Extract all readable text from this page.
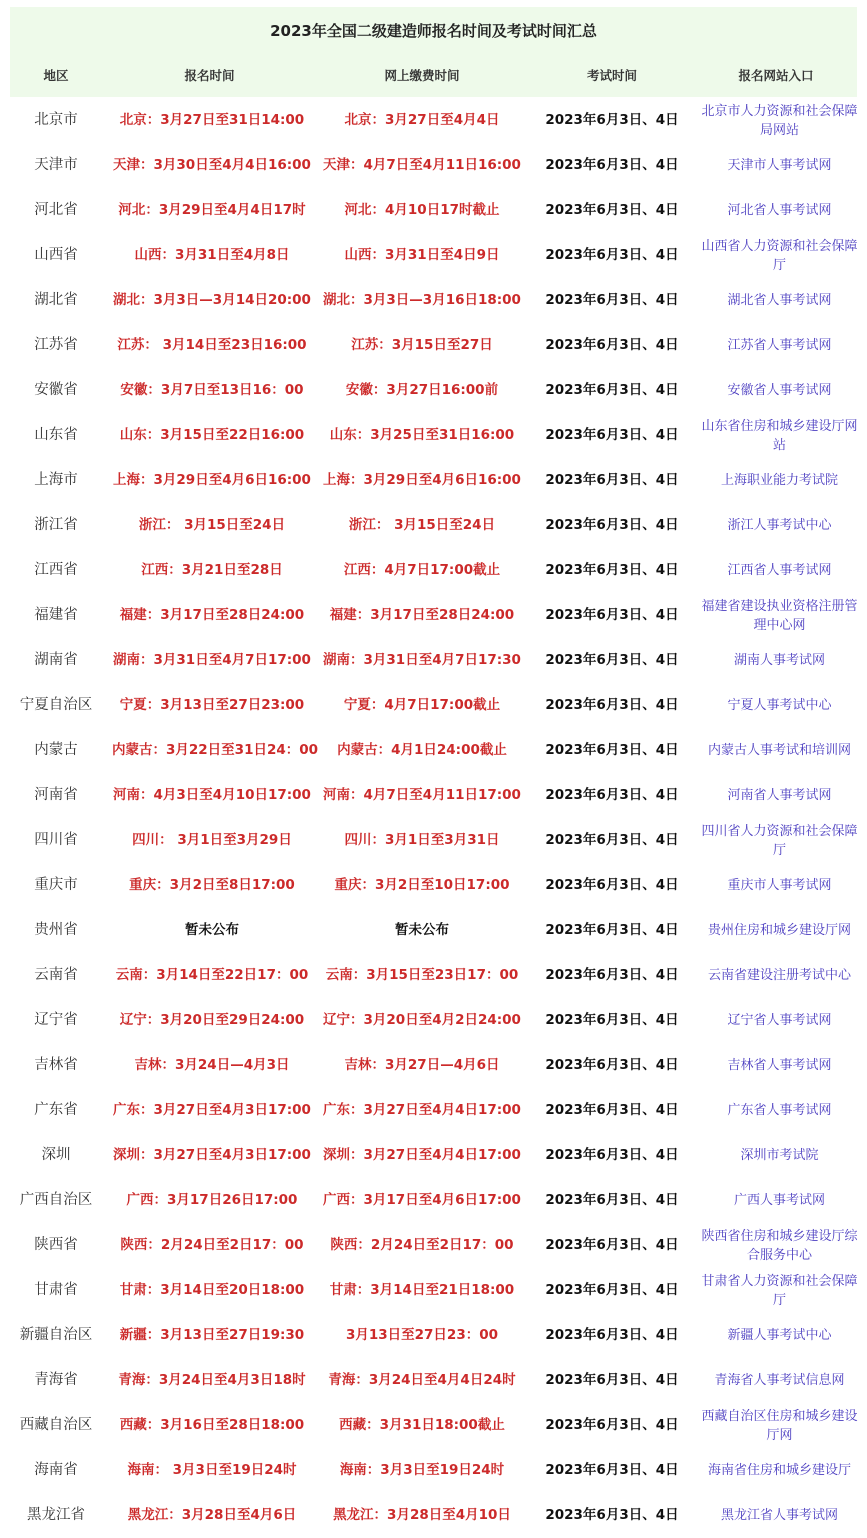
2023年全国二级建造师报名时间及考试时间汇总
地区	报名时间	网上缴费时间	考试时间	报名网站入口
北京市	北京：3月27日至31日14:00	北京：3月27日至4月4日	2023年6月3日、4日	北京市人力资源和社会保障局网站
天津市	天津：3月30日至4月4日16:00	天津：4月7日至4月11日16:00	2023年6月3日、4日	天津市人事考试网
河北省	河北：3月29日至4月4日17时	河北：4月10日17时截止	2023年6月3日、4日	河北省人事考试网
山西省	山西：3月31日至4月8日	山西：3月31日至4日9日	2023年6月3日、4日	山西省人力资源和社会保障厅
湖北省	湖北：3月3日—3月14日20:00	湖北：3月3日—3月16日18:00	2023年6月3日、4日	湖北省人事考试网
江苏省	江苏： 3月14日至23日16:00	江苏：3月15日至27日	2023年6月3日、4日	江苏省人事考试网
安徽省	安徽：3月7日至13日16：00	安徽：3月27日16:00前	2023年6月3日、4日	安徽省人事考试网
山东省	山东：3月15日至22日16:00	山东：3月25日至31日16:00	2023年6月3日、4日	山东省住房和城乡建设厅网站
上海市	上海：3月29日至4月6日16:00	上海：3月29日至4月6日16:00	2023年6月3日、4日	上海职业能力考试院
浙江省	浙江： 3月15日至24日	浙江： 3月15日至24日	2023年6月3日、4日	浙江人事考试中心
江西省	江西：3月21日至28日	江西：4月7日17:00截止	2023年6月3日、4日	江西省人事考试网
福建省	福建：3月17日至28日24:00	福建：3月17日至28日24:00	2023年6月3日、4日	福建省建设执业资格注册管理中心网
湖南省	湖南：3月31日至4月7日17:00	湖南：3月31日至4月7日17:30	2023年6月3日、4日	湖南人事考试网
宁夏自治区	宁夏：3月13日至27日23:00	宁夏：4月7日17:00截止	2023年6月3日、4日	宁夏人事考试中心
内蒙古	内蒙古：3月22日至31日24：00	内蒙古：4月1日24:00截止	2023年6月3日、4日	内蒙古人事考试和培训网
河南省	河南：4月3日至4月10日17:00	河南：4月7日至4月11日17:00	2023年6月3日、4日	河南省人事考试网
四川省	四川： 3月1日至3月29日	四川：3月1日至3月31日	2023年6月3日、4日	四川省人力资源和社会保障厅
重庆市	重庆：3月2日至8日17:00	重庆：3月2日至10日17:00	2023年6月3日、4日	重庆市人事考试网
贵州省	暂未公布	暂未公布	2023年6月3日、4日	贵州住房和城乡建设厅网
云南省	云南：3月14日至22日17：00	云南：3月15日至23日17：00	2023年6月3日、4日	云南省建设注册考试中心
辽宁省	辽宁：3月20日至29日24:00	辽宁：3月20日至4月2日24:00	2023年6月3日、4日	辽宁省人事考试网
吉林省	吉林：3月24日—4月3日	吉林：3月27日—4月6日	2023年6月3日、4日	吉林省人事考试网
广东省	广东：3月27日至4月3日17:00	广东：3月27日至4月4日17:00	2023年6月3日、4日	广东省人事考试网
深圳	深圳：3月27日至4月3日17:00	深圳：3月27日至4月4日17:00	2023年6月3日、4日	深圳市考试院
广西自治区	广西：3月17日26日17:00	广西：3月17日至4月6日17:00	2023年6月3日、4日	广西人事考试网
陕西省	陕西：2月24日至2日17：00	陕西：2月24日至2日17：00	2023年6月3日、4日	陕西省住房和城乡建设厅综合服务中心
甘肃省	甘肃：3月14日至20日18:00	甘肃：3月14日至21日18:00	2023年6月3日、4日	甘肃省人力资源和社会保障厅
新疆自治区	新疆：3月13日至27日19:30	3月13日至27日23：00	2023年6月3日、4日	新疆人事考试中心
青海省	青海：3月24日至4月3日18时	青海：3月24日至4月4日24时	2023年6月3日、4日	青海省人事考试信息网
西藏自治区	西藏：3月16日至28日18:00	西藏：3月31日18:00截止	2023年6月3日、4日	西藏自治区住房和城乡建设厅网
海南省	海南： 3月3日至19日24时	海南：3月3日至19日24时	2023年6月3日、4日	海南省住房和城乡建设厅
黑龙江省	黑龙江：3月28日至4月6日	黑龙江：3月28日至4月10日	2023年6月3日、4日	黑龙江省人事考试网
